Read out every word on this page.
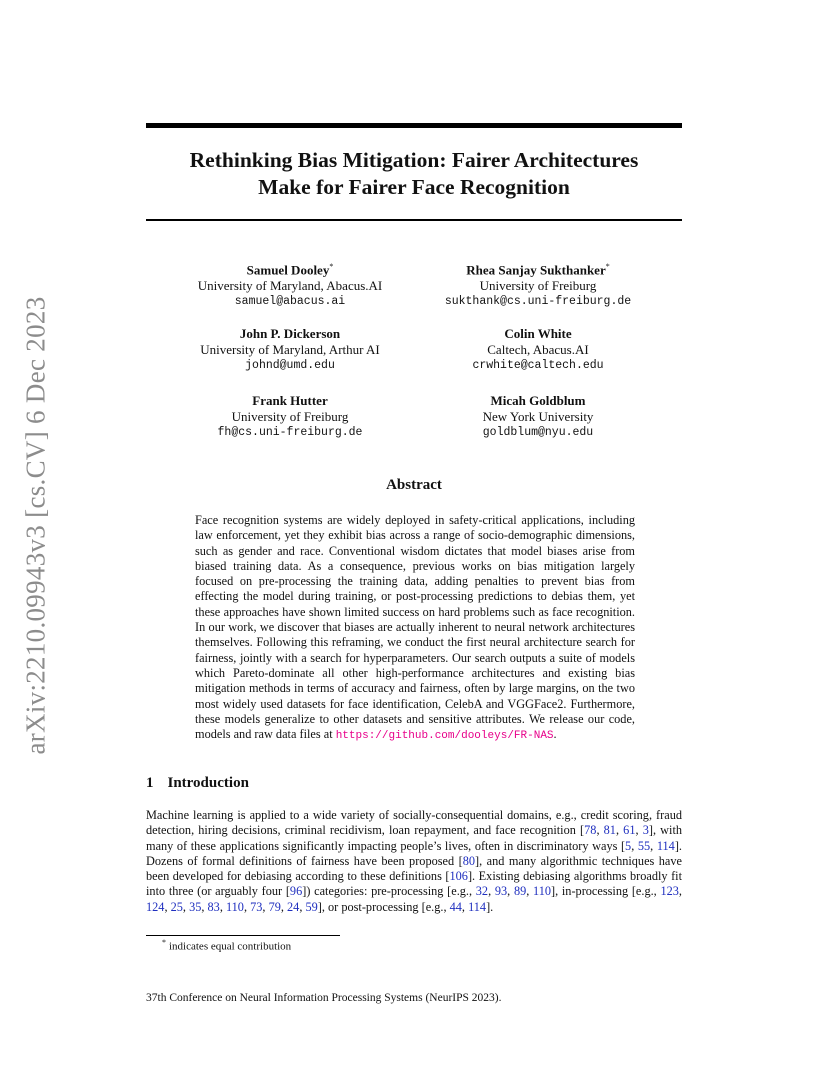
arXiv:2210.09943v3 [cs.CV] 6 Dec 2023
Rethinking Bias Mitigation: Fairer Architectures
Make for Fairer Face Recognition
Samuel Dooley*
University of Maryland, Abacus.AI
samuel@abacus.ai
Rhea Sanjay Sukthanker*
University of Freiburg
sukthank@cs.uni-freiburg.de
John P. Dickerson
University of Maryland, Arthur AI
johnd@umd.edu
Colin White
Caltech, Abacus.AI
crwhite@caltech.edu
Frank Hutter
University of Freiburg
fh@cs.uni-freiburg.de
Micah Goldblum
New York University
goldblum@nyu.edu
Abstract
Face recognition systems are widely deployed in safety-critical applications, including law enforcement, yet they exhibit bias across a range of socio-demographic dimensions, such as gender and race. Conventional wisdom dictates that model biases arise from biased training data. As a consequence, previous works on bias mitigation largely focused on pre-processing the training data, adding penalties to prevent bias from effecting the model during training, or post-processing predictions to debias them, yet these approaches have shown limited success on hard problems such as face recognition. In our work, we discover that biases are actually inherent to neural network architectures themselves. Following this reframing, we conduct the first neural architecture search for fairness, jointly with a search for hyperparameters. Our search outputs a suite of models which Pareto-dominate all other high-performance architectures and existing bias mitigation methods in terms of accuracy and fairness, often by large margins, on the two most widely used datasets for face identification, CelebA and VGGFace2. Furthermore, these models generalize to other datasets and sensitive attributes. We release our code, models and raw data files at https://github.com/dooleys/FR-NAS.
1 Introduction
Machine learning is applied to a wide variety of socially-consequential domains, e.g., credit scoring, fraud detection, hiring decisions, criminal recidivism, loan repayment, and face recognition [78, 81, 61, 3], with many of these applications significantly impacting people’s lives, often in discriminatory ways [5, 55, 114]. Dozens of formal definitions of fairness have been proposed [80], and many algorithmic techniques have been developed for debiasing according to these definitions [106]. Existing debiasing algorithms broadly fit into three (or arguably four [96]) categories: pre-processing [e.g., 32, 93, 89, 110], in-processing [e.g., 123, 124, 25, 35, 83, 110, 73, 79, 24, 59], or post-processing [e.g., 44, 114].
* indicates equal contribution
37th Conference on Neural Information Processing Systems (NeurIPS 2023).
